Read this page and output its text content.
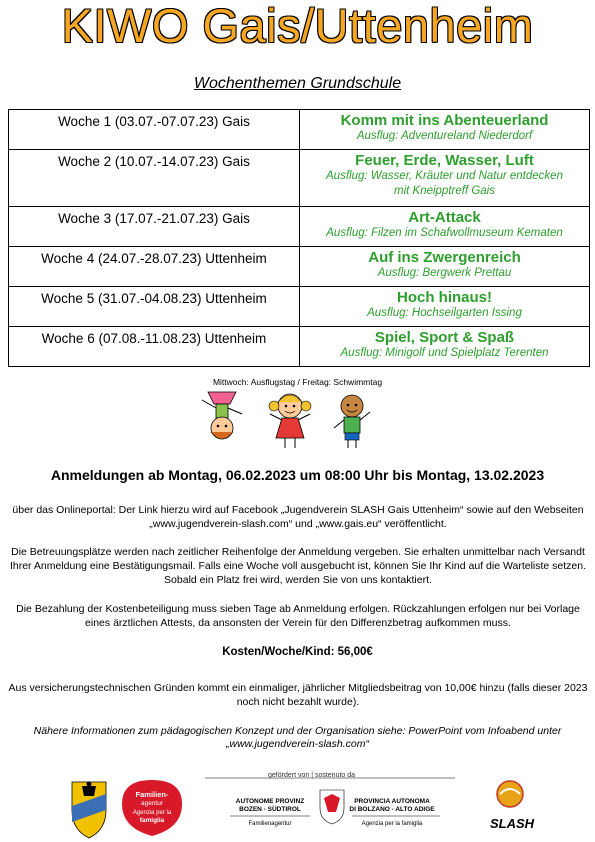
KIWO Gais/Uttenheim
Wochenthemen Grundschule
Woche 1 (03.07.-07.07.23) Gais	Komm mit ins Abenteuerland
Ausflug: Adventureland Niederdorf

Woche 2 (10.07.-14.07.23) Gais	Feuer, Erde, Wasser, Luft
Ausflug: Wasser, Kräuter und Natur entdecken mit Kneipptreff Gais

Woche 3 (17.07.-21.07.23) Gais	Art-Attack
Ausflug: Filzen im Schafwollmuseum Kematen

Woche 4 (24.07.-28.07.23) Uttenheim	Auf ins Zwergenreich
Ausflug: Bergwerk Prettau

Woche 5 (31.07.-04.08.23) Uttenheim	Hoch hinaus!
Ausflug: Hochseilgarten Issing

Woche 6 (07.08.-11.08.23) Uttenheim	Spiel, Sport & Spaß
Ausflug: Minigolf und Spielplatz Terenten
Mittwoch: Ausflugstag / Freitag: Schwimmtag
Anmeldungen ab Montag, 06.02.2023 um 08:00 Uhr bis Montag, 13.02.2023
über das Onlineportal: Der Link hierzu wird auf Facebook „Jugendverein SLASH Gais Uttenheim“ sowie auf den Webseiten „www.jugendverein-slash.com“ und „www.gais.eu“ veröffentlicht.
Die Betreuungsplätze werden nach zeitlicher Reihenfolge der Anmeldung vergeben. Sie erhalten unmittelbar nach Versandt Ihrer Anmeldung eine Bestätigungsmail. Falls eine Woche voll ausgebucht ist, können Sie Ihr Kind auf die Warteliste setzen. Sobald ein Platz frei wird, werden Sie von uns kontaktiert.
Die Bezahlung der Kostenbeteiligung muss sieben Tage ab Anmeldung erfolgen. Rückzahlungen erfolgen nur bei Vorlage eines ärztlichen Attests, da ansonsten der Verein für den Differenzbetrag aufkommen muss.
Kosten/Woche/Kind: 56,00€
Aus versicherungstechnischen Gründen kommt ein einmaliger, jährlicher Mitgliedsbeitrag von 10,00€ hinzu (falls dieser 2023 noch nicht bezahlt wurde).
Nähere Informationen zum pädagogischen Konzept und der Organisation siehe: PowerPoint vom Infoabend unter „www.jugendverein-slash.com“
Familien-
agentur
Agenzia per la
famiglia
AUTONOME PROVINZ
BOZEN - SÜDTIROL
Familienagentur
PROVINCIA AUTONOMA
DI BOLZANO - ALTO ADIGE
Agenzia per la famiglia	SLASH
gefördert von | sostenuto da
